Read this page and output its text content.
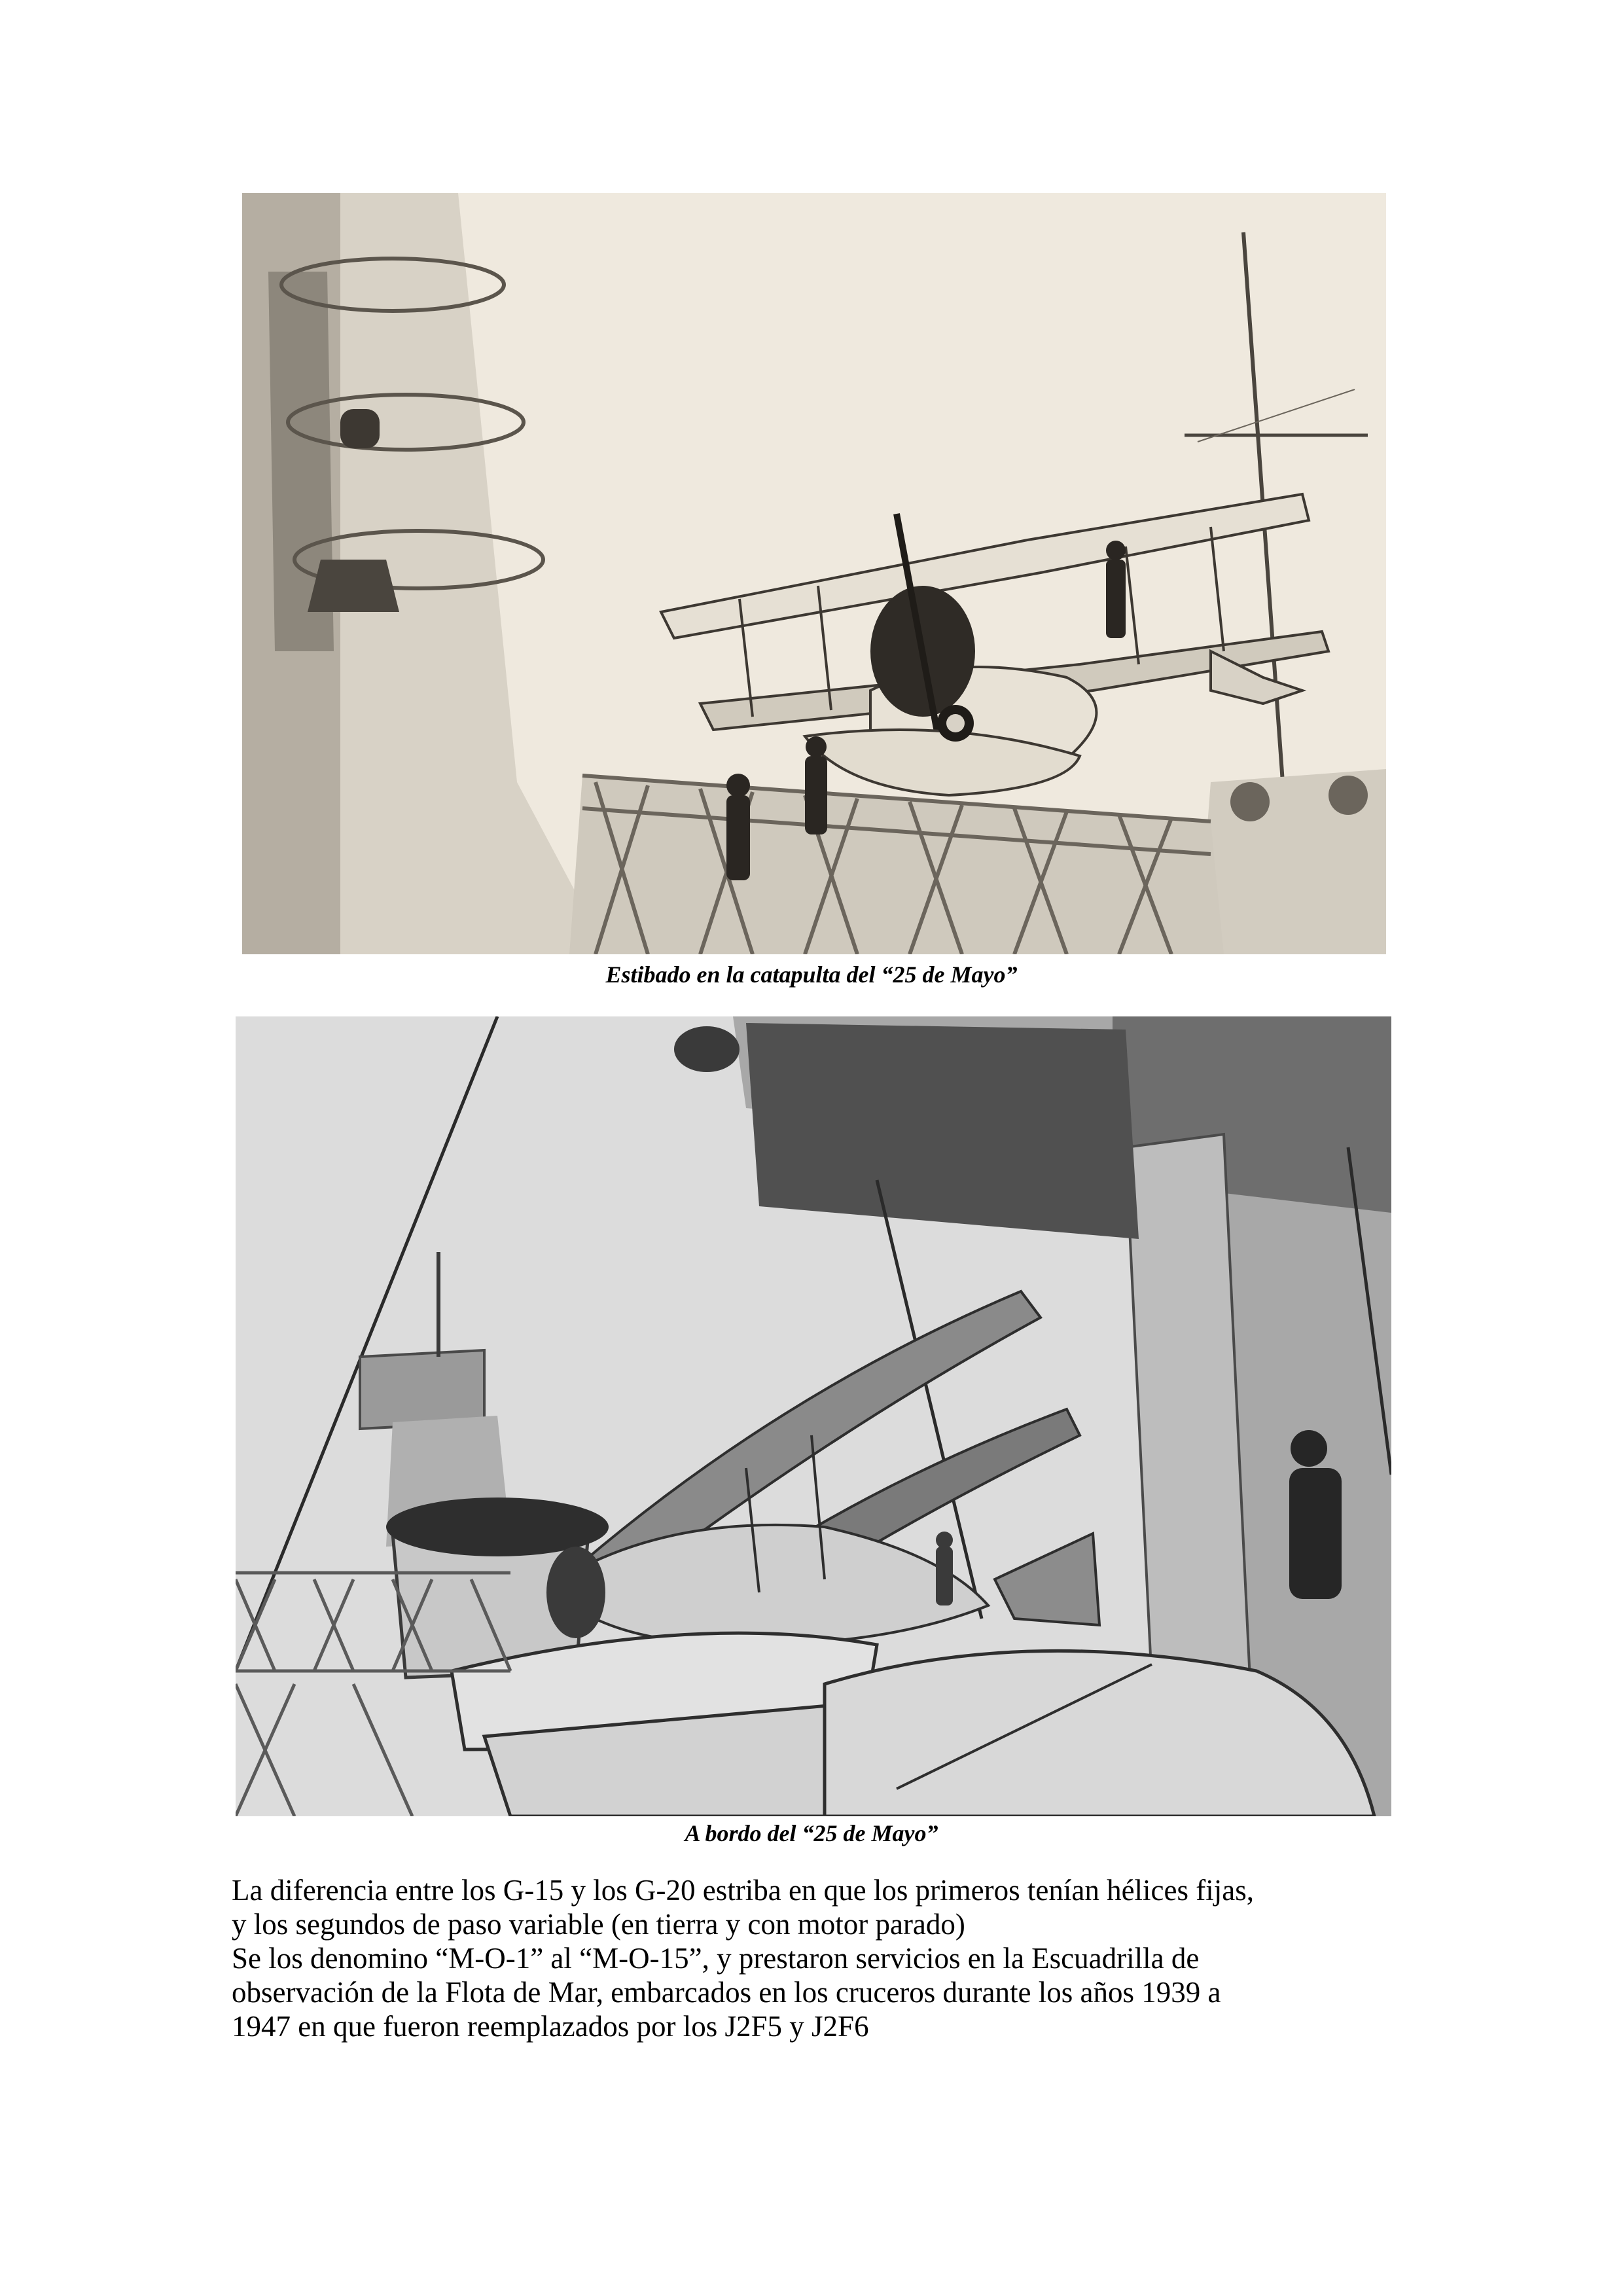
Estibado en la catapulta del “25 de Mayo”
A bordo del “25 de Mayo”

La diferencia entre los G-15 y los G-20 estriba en que los primeros tenían hélices fijas,

y los segundos de paso variable (en tierra y con motor parado)

Se los denomino “M-O-1” al “M-O-15”, y prestaron servicios en la Escuadrilla de

observación de la Flota de Mar, embarcados en los cruceros durante los años 1939 a

1947 en que fueron reemplazados por los J2F5 y J2F6
